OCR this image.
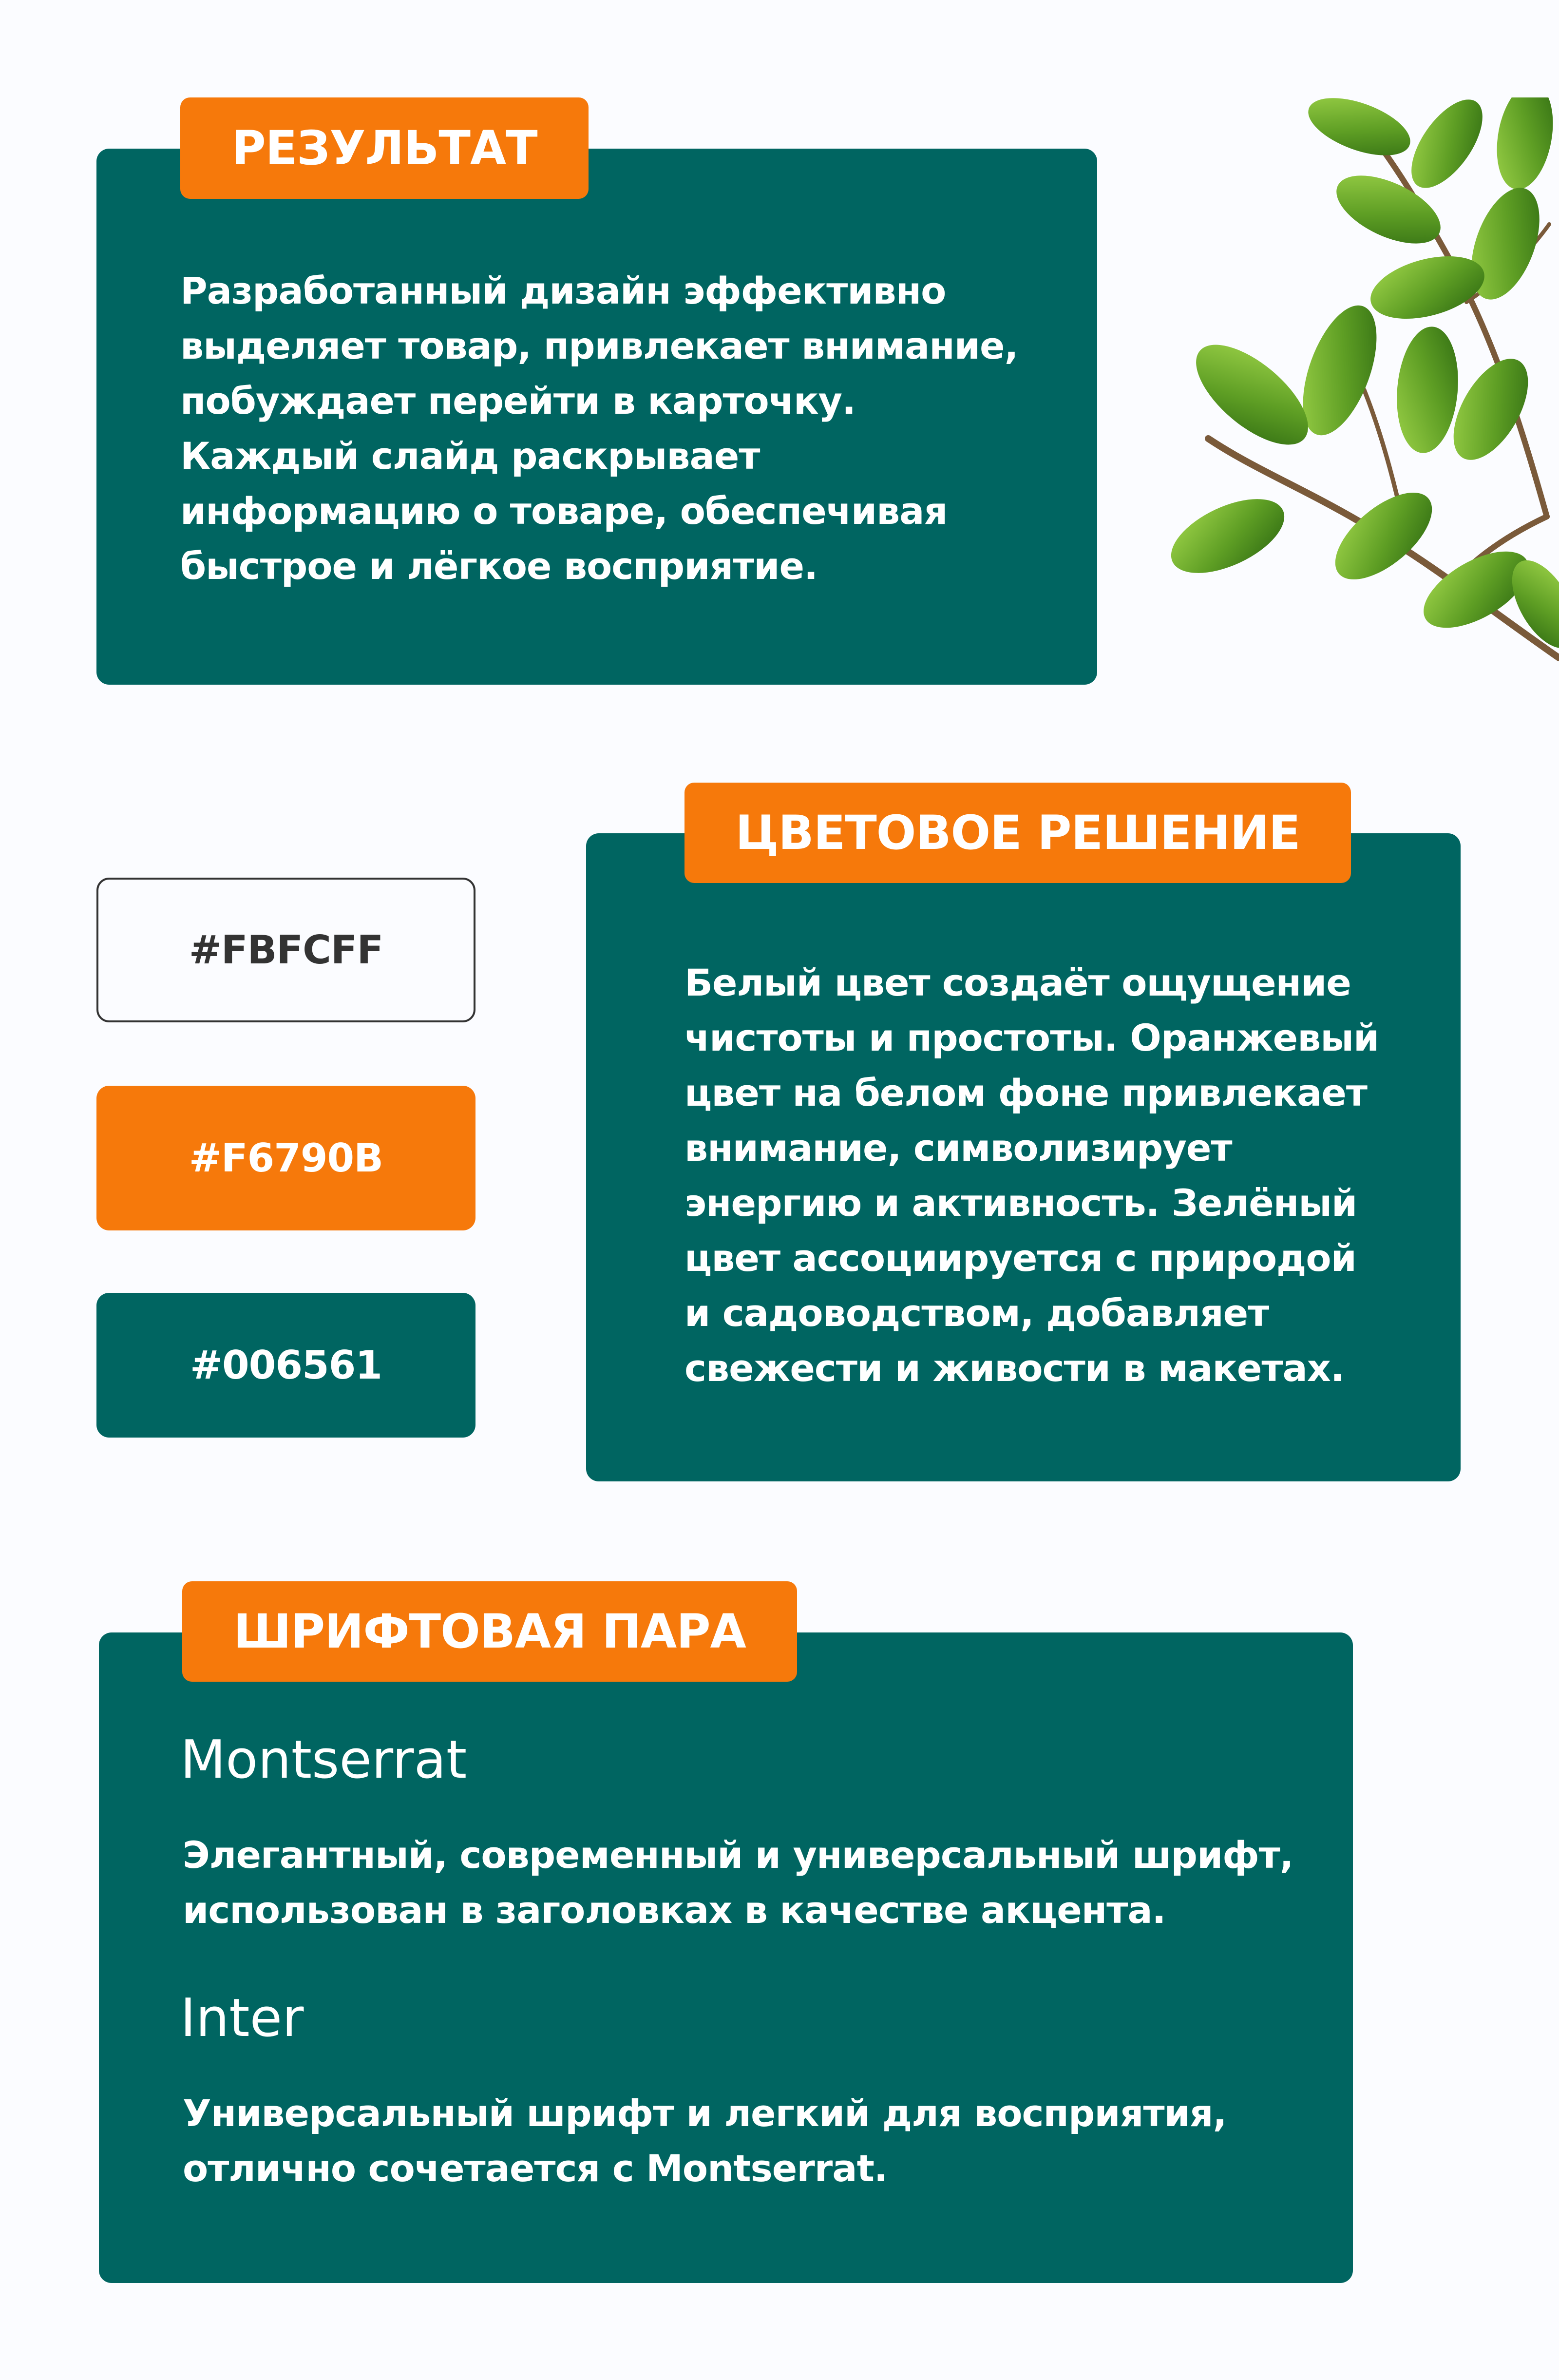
РЕЗУЛЬТАТ

Разработанный дизайн эффективно
выделяет товар, привлекает внимание,
побуждает перейти в карточку.
Каждый слайд раскрывает
информацию о товаре, обеспечивая
быстрое и лёгкое восприятие.

ЦВЕТОВОЕ РЕШЕНИЕ

Белый цвет создаёт ощущение
чистоты и простоты. Оранжевый
цвет на белом фоне привлекает
внимание, символизирует
энергию и активность. Зелёный
цвет ассоциируется с природой
и садоводством, добавляет
свежести и живости в макетах.

#FBFCFF
#F6790B
#006561
ШРИФТОВАЯ ПАРА
Montserrat

Элегантный, современный и универсальный шрифт,
использован в заголовках в качестве акцента.

Inter

Универсальный шрифт и легкий для восприятия,
отлично сочетается с Montserrat.
